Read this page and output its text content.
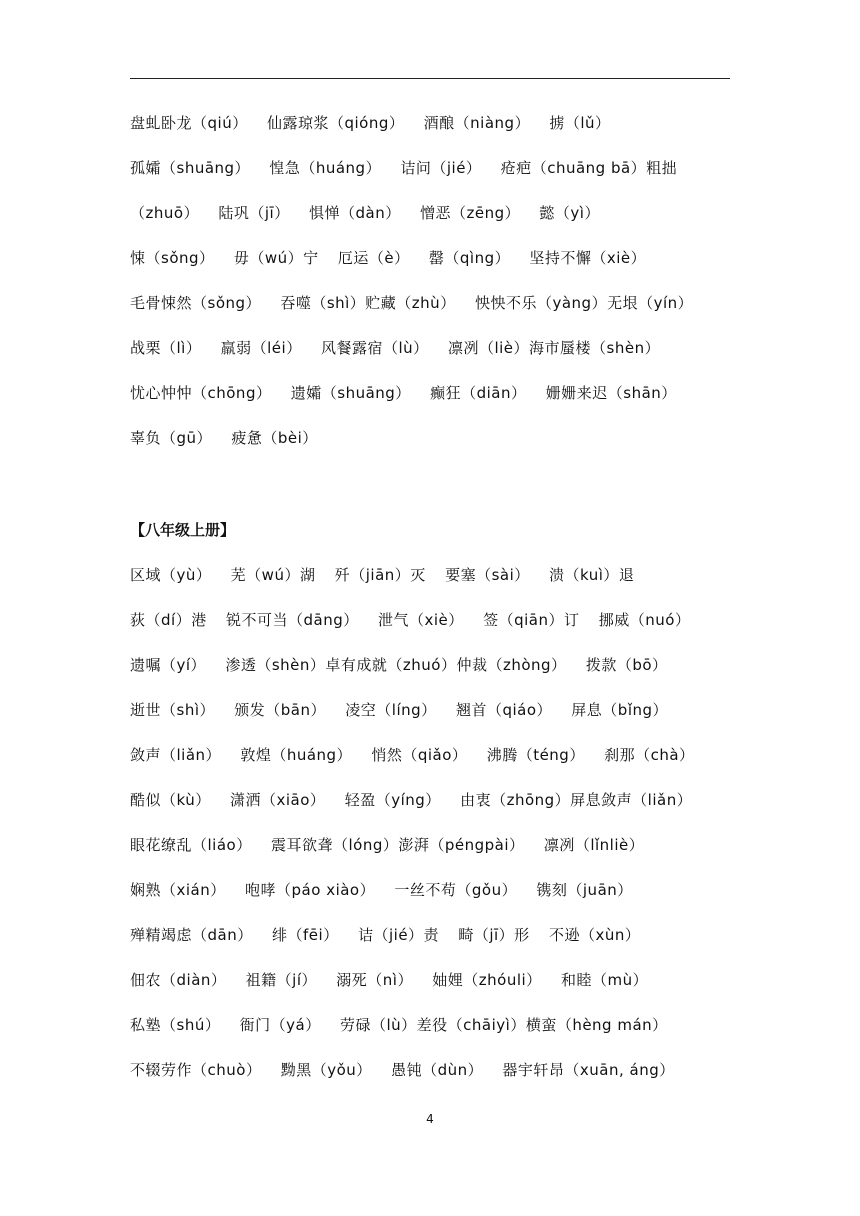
盘虬卧龙（qiú） 仙露琼浆（qióng） 酒酿（niàng） 掳（lǔ）
孤孀（shuāng） 惶急（huáng） 诘问（jié） 疮疤（chuāng bā）粗拙
（zhuō） 陆巩（jī） 惧惮（dàn） 憎恶（zēng） 懿（yì）
悚（sǒng） 毋（wú）宁 厄运（è） 罄（qìng） 坚持不懈（xiè）
毛骨悚然（sǒng） 吞噬（shì）贮藏（zhù） 怏怏不乐（yàng）无垠（yín）
战栗（lì） 羸弱（léi） 风餐露宿（lù） 凛冽（liè）海市蜃楼（shèn）
忧心忡忡（chōng） 遗孀（shuāng） 癫狂（diān） 姗姗来迟（shān）
辜负（gū） 疲惫（bèi）
【八年级上册】
区域（yù） 芜（wú）湖 歼（jiān）灭 要塞（sài） 溃（kuì）退
荻（dí）港 锐不可当（dāng） 泄气（xiè） 签（qiān）订 挪威（nuó）
遗嘱（yí） 渗透（shèn）卓有成就（zhuó）仲裁（zhòng） 拨款（bō）
逝世（shì） 颁发（bān） 凌空（líng） 翘首（qiáo） 屏息（bǐng）
敛声（liǎn） 敦煌（huáng） 悄然（qiǎo） 沸腾（téng） 刹那（chà）
酷似（kù） 潇洒（xiāo） 轻盈（yíng） 由衷（zhōng）屏息敛声（liǎn）
眼花缭乱（liáo） 震耳欲聋（lóng）澎湃（péngpài） 凛冽（lǐnliè）
娴熟（xián） 咆哮（páo xiào） 一丝不苟（gǒu） 镌刻（juān）
殚精竭虑（dān） 绯（fēi） 诘（jié）责 畸（jī）形 不逊（xùn）
佃农（diàn） 祖籍（jí） 溺死（nì） 妯娌（zhóuli） 和睦（mù）
私塾（shú） 衙门（yá） 劳碌（lù）差役（chāiyì）横蛮（hèng mán）
不辍劳作（chuò） 黝黑（yǒu） 愚钝（dùn） 器宇轩昂（xuān, áng）
4
